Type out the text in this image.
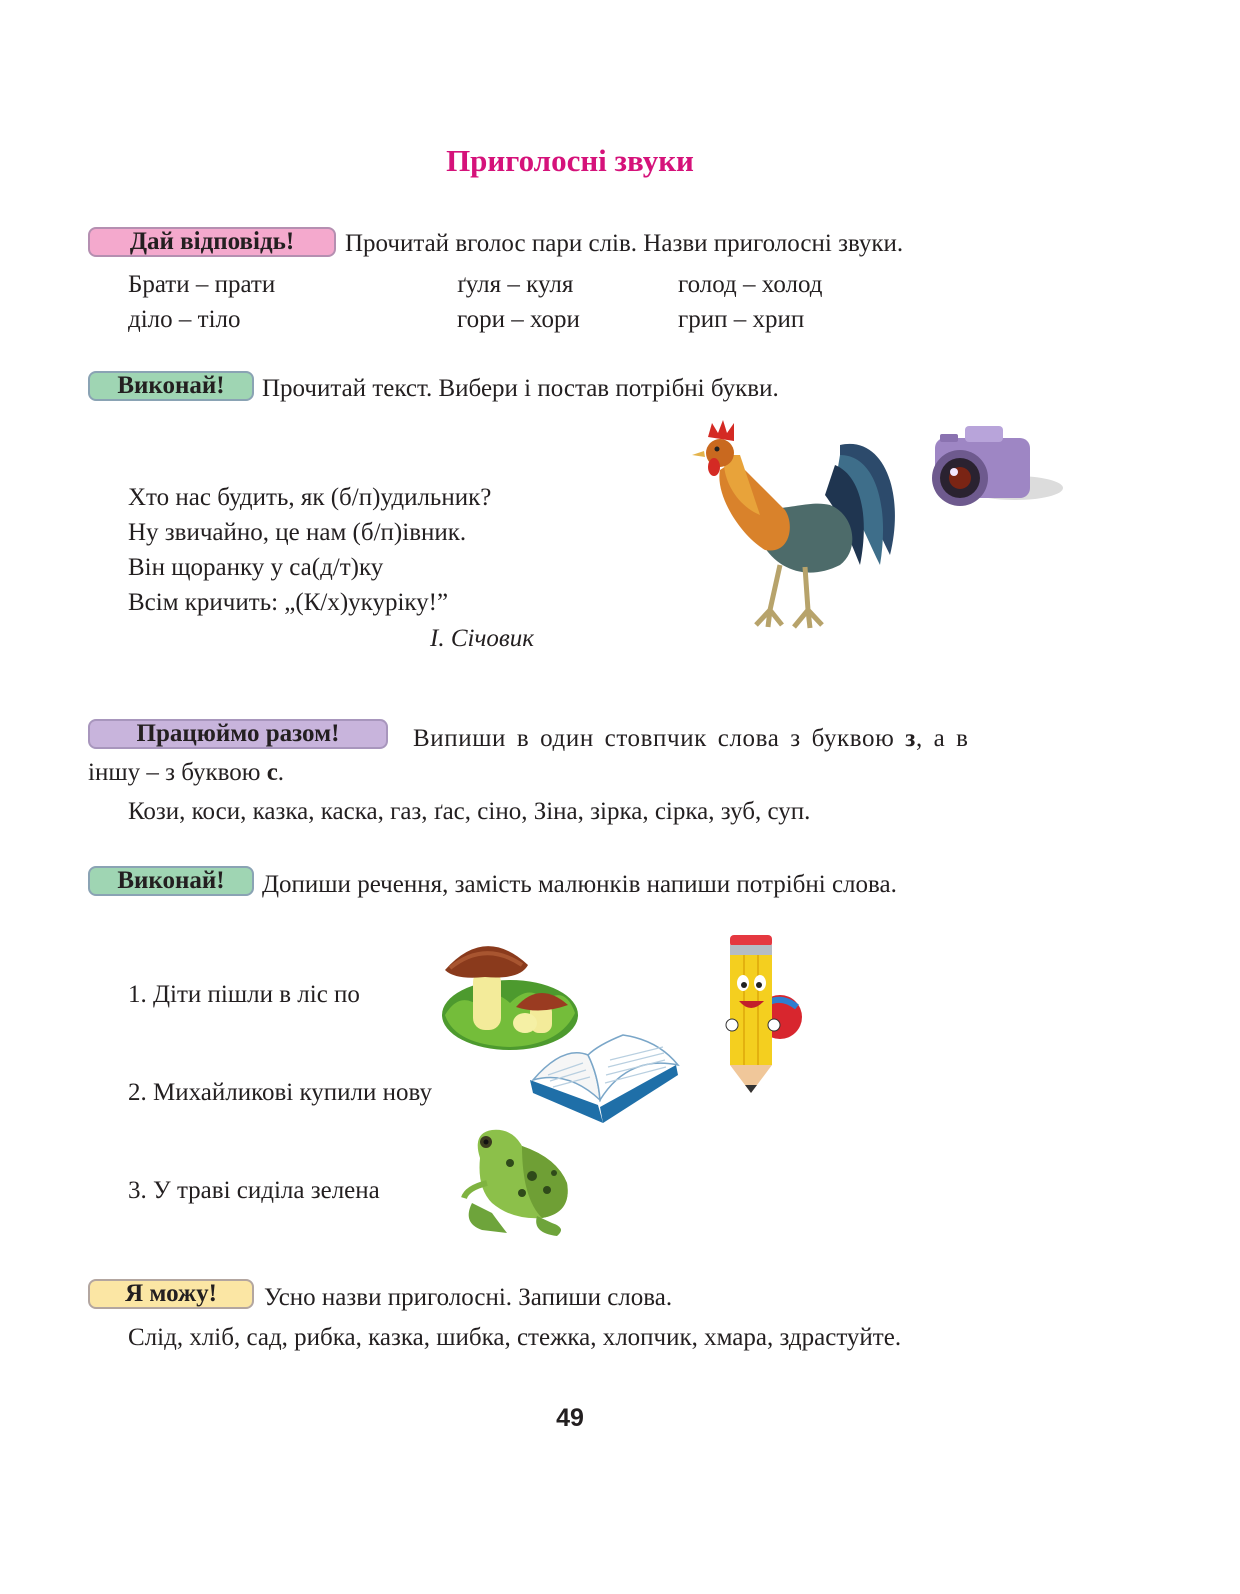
Приголосні звуки
Дай відповідь!	Прочитай вголос пари слів. Назви приголосні звуки.
Брати – прати	ґуля – куля	голод – холод
діло – тіло	гори – хори	грип – хрип
Виконай!	Прочитай текст. Вибери і постав потрібні букви.
Хто нас будить, як (б/п)удильник?
Ну звичайно, це нам (б/п)івник.
Він щоранку у са(д/т)ку
Всім кричить: „(К/х)укуріку!”
І. Січовик
Працюймо разом!	Випиши в один стовпчик слова з буквою з, а в
іншу – з буквою с.
Кози, коси, казка, каска, газ, ґас, сіно, Зіна, зірка, сірка, зуб, суп.
Виконай!	Допиши речення, замість малюнків напиши потрібні слова.
1. Діти пішли в ліс по
2. Михайликові купили нову
3. У траві сиділа зелена
Я можу!	Усно назви приголосні. Запиши слова.
Слід, хліб, сад, рибка, казка, шибка, стежка, хлопчик, хмара, здрастуйте.
49
